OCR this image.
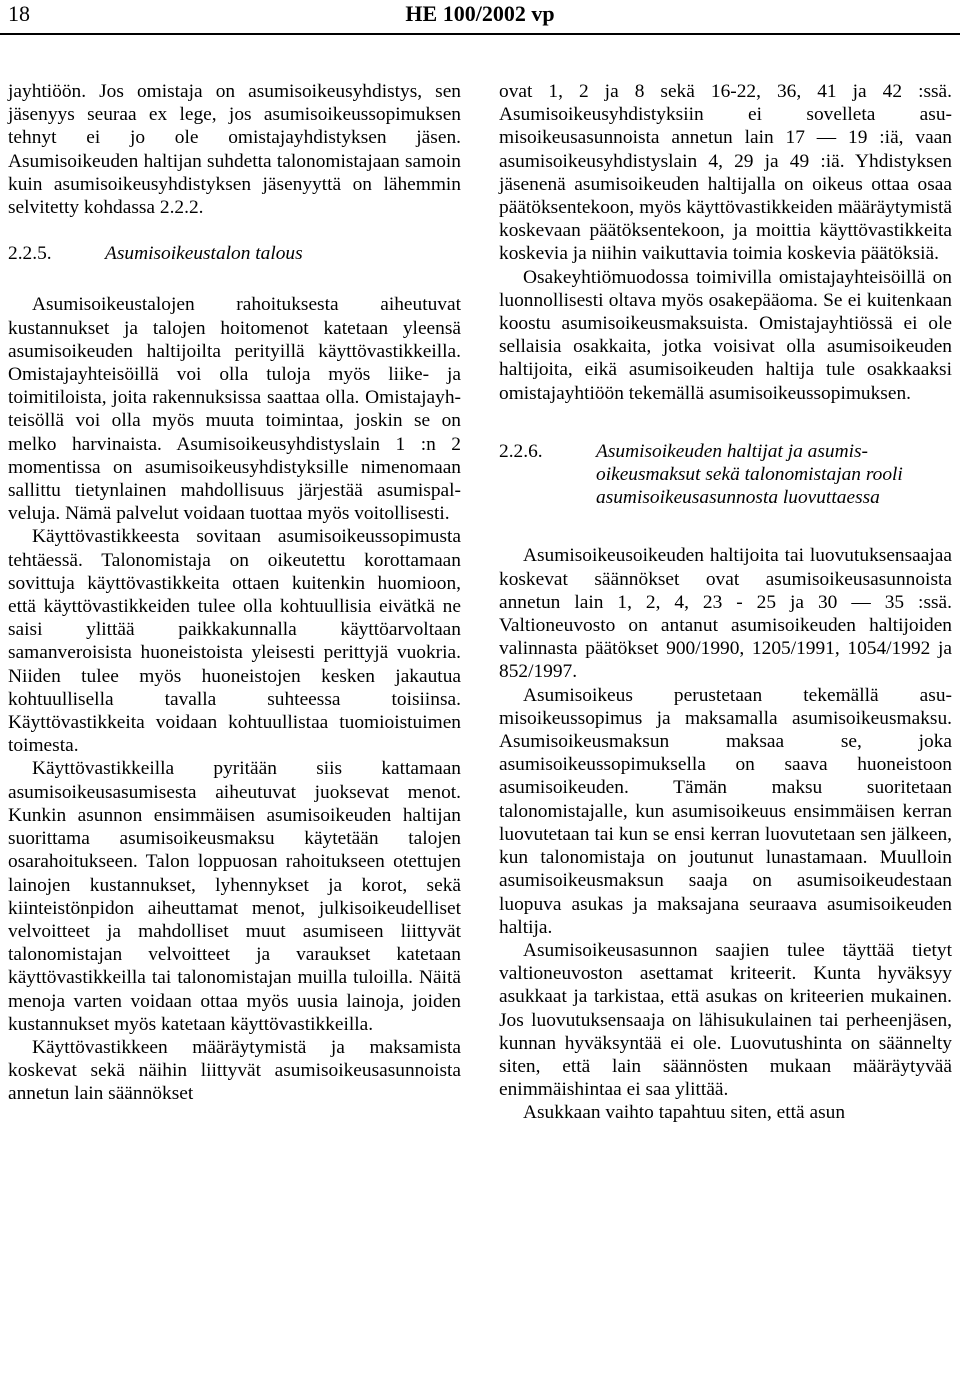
18	HE 100/2002 vp

jayhtiöön. Jos omistaja on asumisoikeusyhdistys, sen jäsenyys seuraa ex lege, jos asumisoikeussopimuksen tehnyt ei jo ole omistajayhdistyksen jäsen. Asumisoikeuden haltijan suhdetta talonomistajaan samoin kuin asumisoikeusyhdistyksen jäsenyyttä on lähemmin selvitetty kohdassa 2.2.2.

2.2.5.	Asumisoikeustalon talous

Asumisoikeustalojen rahoituksesta aiheutuvat kustannukset ja talojen hoitomenot katetaan yleensä asumisoikeuden haltijoilta perityillä käyttövastikkeilla. Omistajayhteisöillä voi olla tuloja myös liike- ja toimitiloista, joita rakennuksissa saattaa olla. Omistajayhteisöllä voi olla myös muuta toimintaa, joskin se on melko harvinaista. Asumisoikeusyhdistyslain 1 :n 2 momentissa on asumisoikeusyhdistyksille nimenomaan sallittu tietynlainen mahdollisuus järjestää asumispalveluja. Nämä palvelut voidaan tuottaa myös voitollisesti.

Käyttövastikkeesta sovitaan asumisoikeussopimusta tehtäessä. Talonomistaja on oikeutettu korottamaan sovittuja käyttövastikkeita ottaen kuitenkin huomioon, että käyttövastikkeiden tulee olla kohtuullisia eivätkä ne saisi ylittää paikkakunnalla käyttöarvoltaan samanveroisista huoneistoista yleisesti perittyjä vuokria. Niiden tulee myös huoneistojen kesken jakautua kohtuullisella tavalla suhteessa toisiinsa. Käyttövastikkeita voidaan kohtuullistaa tuomioistuimen toimesta.

Käyttövastikkeilla pyritään siis kattamaan asumisoikeusasumisesta aiheutuvat juoksevat menot. Kunkin asunnon ensimmäisen asumisoikeuden haltijan suorittama asumisoikeusmaksu käytetään talojen osarahoitukseen. Talon loppuosan rahoitukseen otettujen lainojen kustannukset, lyhennykset ja korot, sekä kiinteistönpidon aiheuttamat menot, julkisoikeudelliset velvoitteet ja mahdolliset muut asumiseen liittyvät talonomistajan velvoitteet ja varaukset katetaan käyttövastikkeilla tai talonomistajan muilla tuloilla. Näitä menoja varten voidaan ottaa myös uusia lainoja, joiden kustannukset myös katetaan käyttövastikkeilla.

Käyttövastikkeen määräytymistä ja maksamista koskevat sekä näihin liittyvät asumisoikeusasunnoista annetun lain säännökset

ovat 1, 2 ja 8 sekä 16-22, 36, 41 ja 42 :ssä. Asumisoikeusyhdistyksiin ei sovelleta asumisoikeusasunnoista annetun lain 17 — 19 :iä, vaan asumisoikeusyhdistyslain 4, 29 ja 49 :iä. Yhdistyksen jäsenenä asumisoikeuden haltijalla on oikeus ottaa osaa päätöksentekoon, myös käyttövastikkeiden määräytymistä koskevaan päätöksentekoon, ja moittia käyttövastikkeita koskevia ja niihin vaikuttavia toimia koskevia päätöksiä.

Osakeyhtiömuodossa toimivilla omistajayhteisöillä on luonnollisesti oltava myös osakepääoma. Se ei kuitenkaan koostu asumisoikeusmaksuista. Omistajayhtiössä ei ole sellaisia osakkaita, jotka voisivat olla asumisoikeuden haltijoita, eikä asumisoikeuden haltija tule osakkaaksi omistajayhtiöön tekemällä asumisoikeussopimuksen.

2.2.6.	Asumisoikeuden haltijat ja asumisoikeusmaksut sekä talonomistajan rooli asumisoikeusasunnosta luovuttaessa

Asumisoikeusoikeuden haltijoita tai luovutuksensaajaa koskevat säännökset ovat asumisoikeusasunnoista annetun lain 1, 2, 4, 23 - 25 ja 30 — 35 :ssä. Valtioneuvosto on antanut asumisoikeuden haltijoiden valinnasta päätökset 900/1990, 1205/1991, 1054/1992 ja 852/1997.

Asumisoikeus perustetaan tekemällä asumisoikeussopimus ja maksamalla asumisoikeusmaksu. Asumisoikeusmaksun maksaa se, joka asumisoikeussopimuksella on saava huoneistoon asumisoikeuden. Tämän maksu suoritetaan talonomistajalle, kun asumisoikeuus ensimmäisen kerran luovutetaan tai kun se ensi kerran luovutetaan sen jälkeen, kun talonomistaja on joutunut lunastamaan. Muulloin asumisoikeusmaksun saaja on asumisoikeudestaan luopuva asukas ja maksajana seuraava asumisoikeuden haltija.

Asumisoikeusasunnon saajien tulee täyttää tietyt valtioneuvoston asettamat kriteerit. Kunta hyväksyy asukkaat ja tarkistaa, että asukas on kriteerien mukainen. Jos luovutuksensaaja on lähisukulainen tai perheenjäsen, kunnan hyväksyntää ei ole. Luovutushinta on säännelty siten, että lain säännösten mukaan määräytyvää enimmäishintaa ei saa ylittää.

Asukkaan vaihto tapahtuu siten, että asun
